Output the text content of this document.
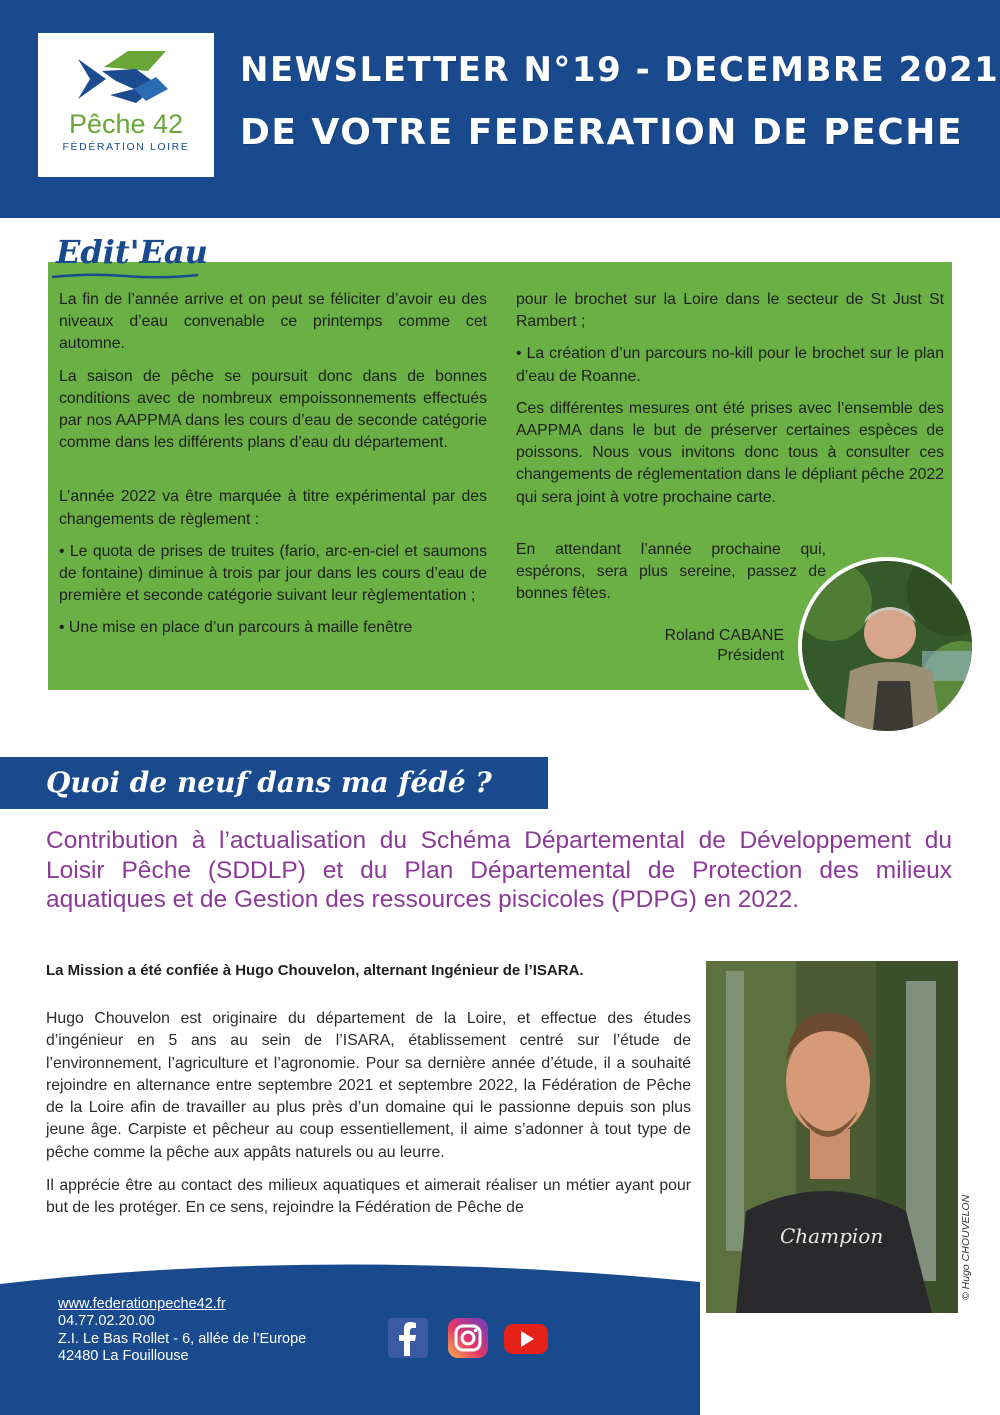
Pêche 42
FÉDÉRATION LOIRE
NEWSLETTER N°19 - DECEMBRE 2021
DE VOTRE FEDERATION DE PECHE
Edit'Eau

La fin de l’année arrive et on peut se féliciter d’avoir eu des niveaux d’eau convenable ce printemps comme cet automne.

La saison de pêche se poursuit donc dans de bonnes conditions avec de nombreux empoissonnements effectués par nos AAPPMA dans les cours d’eau de seconde catégorie comme dans les différents plans d’eau du département.

L’année 2022 va être marquée à titre expérimental par des changements de règlement :

• Le quota de prises de truites (fario, arc-en-ciel et saumons de fontaine) diminue à trois par jour dans les cours d’eau de première et seconde catégorie suivant leur règlementation ;

• Une mise en place d’un parcours à maille fenêtre

pour le brochet sur la Loire dans le secteur de St Just St Rambert ;

• La création d’un parcours no-kill pour le brochet sur le plan d’eau de Roanne.

Ces différentes mesures ont été prises avec l’ensemble des AAPPMA dans le but de préserver certaines espèces de poissons. Nous vous invitons donc tous à consulter ces changements de réglementation dans le dépliant pêche 2022 qui sera joint à votre prochaine carte.

En attendant l’année prochaine qui, espérons, sera plus sereine, passez de bonnes fêtes.
Roland CABANE
Président
Quoi de neuf dans ma fédé ?
Contribution à l’actualisation du Schéma Départemental de Développement du Loisir Pêche (SDDLP) et du Plan Départemental de Protection des milieux aquatiques et de Gestion des ressources piscicoles (PDPG) en 2022.
La Mission a été confiée à Hugo Chouvelon, alternant Ingénieur de l’ISARA.

Hugo Chouvelon est originaire du département de la Loire, et effectue des études d’ingénieur en 5 ans au sein de l’ISARA, établissement centré sur l’étude de l’environnement, l’agriculture et l’agronomie. Pour sa dernière année d’étude, il a souhaité rejoindre en alternance entre septembre 2021 et septembre 2022, la Fédération de Pêche de la Loire afin de travailler au plus près d’un domaine qui le passionne depuis son plus jeune âge. Carpiste et pêcheur au coup essentiellement, il aime s’adonner à tout type de pêche comme la pêche aux appâts naturels ou au leurre.

Il apprécie être au contact des milieux aquatiques et aimerait réaliser un métier ayant pour but de les protéger. En ce sens, rejoindre la Fédération de Pêche de

Champion	© Hugo CHOUVELON
www.federationpeche42.fr
04.77.02.20.00
Z.I. Le Bas Rollet - 6, allée de l’Europe
42480 La Fouillouse
